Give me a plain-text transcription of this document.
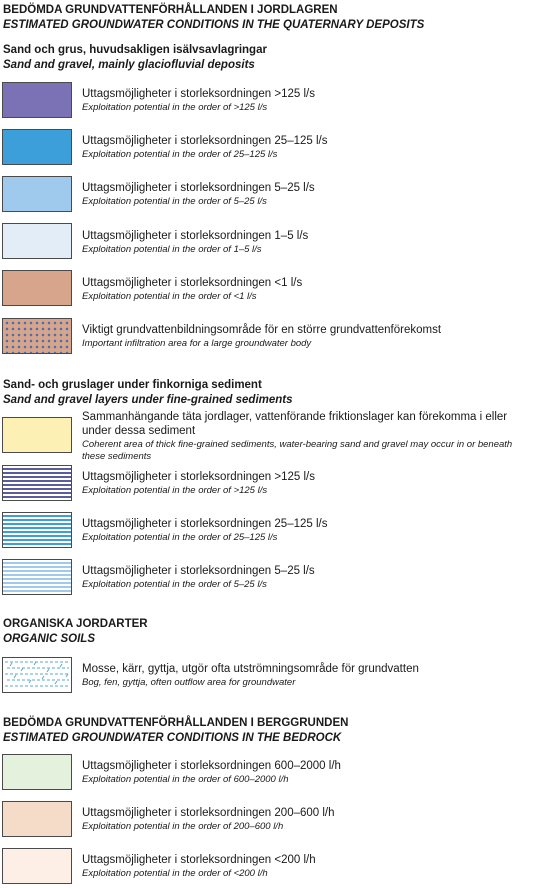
BEDÖMDA GRUNDVATTENFÖRHÅLLANDEN I JORDLAGREN
ESTIMATED GROUNDWATER CONDITIONS IN THE QUATERNARY DEPOSITS
Sand och grus, huvudsakligen isälvsavlagringar
Sand and gravel, mainly glaciofluvial deposits
Uttagsmöjligheter i storleksordningen >125 l/s
Exploitation potential in the order of >125 l/s
Uttagsmöjligheter i storleksordningen 25–125 l/s
Exploitation potential in the order of 25–125 l/s
Uttagsmöjligheter i storleksordningen 5–25 l/s
Exploitation potential in the order of 5–25 l/s
Uttagsmöjligheter i storleksordningen 1–5 l/s
Exploitation potential in the order of 1–5 l/s
Uttagsmöjligheter i storleksordningen <1 l/s
Exploitation potential in the order of <1 l/s
Viktigt grundvattenbildningsområde för en större grundvattenförekomst
Important infiltration area for a large groundwater body
Sand- och gruslager under finkorniga sediment
Sand and gravel layers under fine-grained sediments
Sammanhängande täta jordlager, vattenförande friktionslager kan förekomma i eller under dessa sediment
Coherent area of thick fine-grained sediments, water-bearing sand and gravel may occur in or beneath these sediments
Uttagsmöjligheter i storleksordningen >125 l/s
Exploitation potential in the order of >125 l/s
Uttagsmöjligheter i storleksordningen 25–125 l/s
Exploitation potential in the order of 25–125 l/s
Uttagsmöjligheter i storleksordningen 5–25 l/s
Exploitation potential in the order of 5–25 l/s
ORGANISKA JORDARTER
ORGANIC SOILS
Mosse, kärr, gyttja, utgör ofta utströmningsområde för grundvatten
Bog, fen, gyttja, often outflow area for groundwater
BEDÖMDA GRUNDVATTENFÖRHÅLLANDEN I BERGGRUNDEN
ESTIMATED GROUNDWATER CONDITIONS IN THE BEDROCK
Uttagsmöjligheter i storleksordningen 600–2000 l/h
Exploitation potential in the order of 600–2000 l/h
Uttagsmöjligheter i storleksordningen 200–600 l/h
Exploitation potential in the order of 200–600 l/h
Uttagsmöjligheter i storleksordningen <200 l/h
Exploitation potential in the order of <200 l/h
